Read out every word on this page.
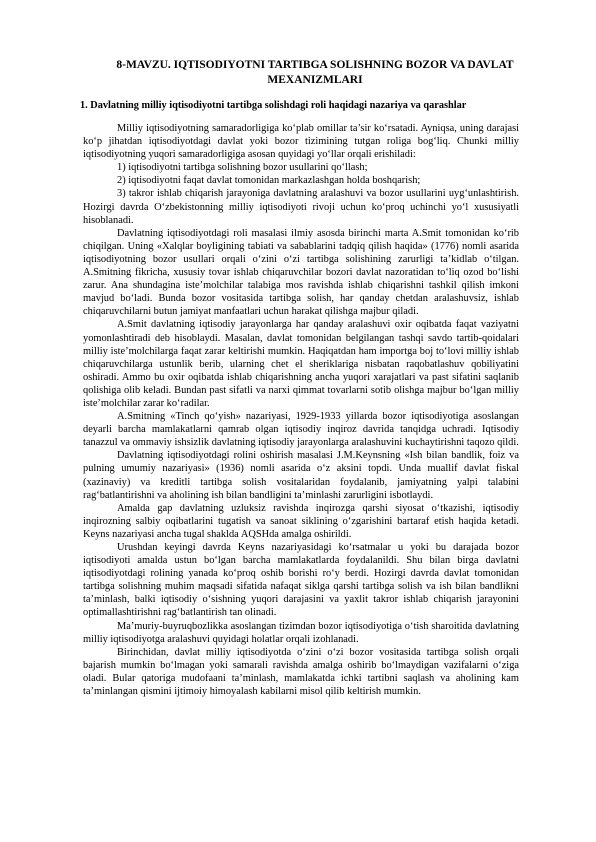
8-MAVZU. IQTISODIYOTNI TARTIBGA SOLISHNING BOZOR VA DAVLAT MEXANIZMLARI
1. Davlatning milliy iqtisodiyotni tartibga solishdagi roli haqidagi nazariya va qarashlar

Milliy iqtisodiyotning samaradorligiga ko‘plab omillar ta’sir ko‘rsatadi. Ayniqsa, uning darajasi ko‘p jihatdan iqtisodiyotdagi davlat yoki bozor tizimining tutgan roliga bog‘liq. Chunki milliy iqtisodiyotning yuqori samaradorligiga asosan quyidagi yo‘llar orqali erishiladi:

1) iqtisodiyotni tartibga solishning bozor usullarini qo‘llash;

2) iqtisodiyotni faqat davlat tomonidan markazlashgan holda boshqarish;

3) takror ishlab chiqarish jarayoniga davlatning aralashuvi va bozor usullarini uyg‘unlashtirish. Hozirgi davrda O‘zbekistonning milliy iqtisodiyoti rivoji uchun ko‘proq uchinchi yo‘l xususiyatli hisoblanadi.

Davlatning iqtisodiyotdagi roli masalasi ilmiy asosda birinchi marta A.Smit tomonidan ko‘rib chiqilgan. Uning «Xalqlar boyligining tabiati va sabablarini tadqiq qilish haqida» (1776) nomli asarida iqtisodiyotning bozor usullari orqali o‘zini o‘zi tartibga solishining zarurligi ta’kidlab o‘tilgan. A.Smitning fikricha, xususiy tovar ishlab chiqaruvchilar bozori davlat nazoratidan to‘liq ozod bo‘lishi zarur. Ana shundagina iste’molchilar talabiga mos ravishda ishlab chiqarishni tashkil qilish imkoni mavjud bo‘ladi. Bunda bozor vositasida tartibga solish, har qanday chetdan aralashuvsiz, ishlab chiqaruvchilarni butun jamiyat manfaatlari uchun harakat qilishga majbur qiladi.

A.Smit davlatning iqtisodiy jarayonlarga har qanday aralashuvi oxir oqibatda faqat vaziyatni yomonlashtiradi deb hisoblaydi. Masalan, davlat tomonidan belgilangan tashqi savdo tartib-qoidalari milliy iste’molchilarga faqat zarar keltirishi mumkin. Haqiqatdan ham importga boj to‘lovi milliy ishlab chiqaruvchilarga ustunlik berib, ularning chet el sheriklariga nisbatan raqobatlashuv qobiliyatini oshiradi. Ammo bu oxir oqibatda ishlab chiqarishning ancha yuqori xarajatlari va past sifatini saqlanib qolishiga olib keladi. Bundan past sifatli va narxi qimmat tovarlarni sotib olishga majbur bo‘lgan milliy iste’molchilar zarar ko‘radilar.

A.Smitning «Tinch qo‘yish» nazariyasi, 1929-1933 yillarda bozor iqtisodiyotiga asoslangan deyarli barcha mamlakatlarni qamrab olgan iqtisodiy inqiroz davrida tanqidga uchradi. Iqtisodiy tanazzul va ommaviy ishsizlik davlatning iqtisodiy jarayonlarga aralashuvini kuchaytirishni taqozo qildi.

Davlatning iqtisodiyotdagi rolini oshirish masalasi J.M.Keynsning «Ish bilan bandlik, foiz va pulning umumiy nazariyasi» (1936) nomli asarida o‘z aksini topdi. Unda muallif davlat fiskal (xazinaviy) va kreditli tartibga solish vositalaridan foydalanib, jamiyatning yalpi talabini rag‘batlantirishni va aholining ish bilan bandligini ta’minlashi zarurligini isbotlaydi.

Amalda gap davlatning uzluksiz ravishda inqirozga qarshi siyosat o‘tkazishi, iqtisodiy inqirozning salbiy oqibatlarini tugatish va sanoat siklining o‘zgarishini bartaraf etish haqida ketadi. Keyns nazariyasi ancha tugal shaklda AQSHda amalga oshirildi.

Urushdan keyingi davrda Keyns nazariyasidagi ko‘rsatmalar u yoki bu darajada bozor iqtisodiyoti amalda ustun bo‘lgan barcha mamlakatlarda foydalanildi. Shu bilan birga davlatni iqtisodiyotdagi rolining yanada ko‘proq oshib borishi ro‘y berdi. Hozirgi davrda davlat tomonidan tartibga solishning muhim maqsadi sifatida nafaqat siklga qarshi tartibga solish va ish bilan bandlikni ta’minlash, balki iqtisodiy o‘sishning yuqori darajasini va yaxlit takror ishlab chiqarish jarayonini optimallashtirishni rag‘batlantirish tan olinadi.

Ma’muriy-buyruqbozlikka asoslangan tizimdan bozor iqtisodiyotiga o‘tish sharoitida davlatning milliy iqtisodiyotga aralashuvi quyidagi holatlar orqali izohlanadi.

Birinchidan, davlat milliy iqtisodiyotda o‘zini o‘zi bozor vositasida tartibga solish orqali bajarish mumkin bo‘lmagan yoki samarali ravishda amalga oshirib bo‘lmaydigan vazifalarni o‘ziga oladi. Bular qatoriga mudofaani ta’minlash, mamlakatda ichki tartibni saqlash va aholining kam ta’minlangan qismini ijtimoiy himoyalash kabilarni misol qilib keltirish mumkin.
